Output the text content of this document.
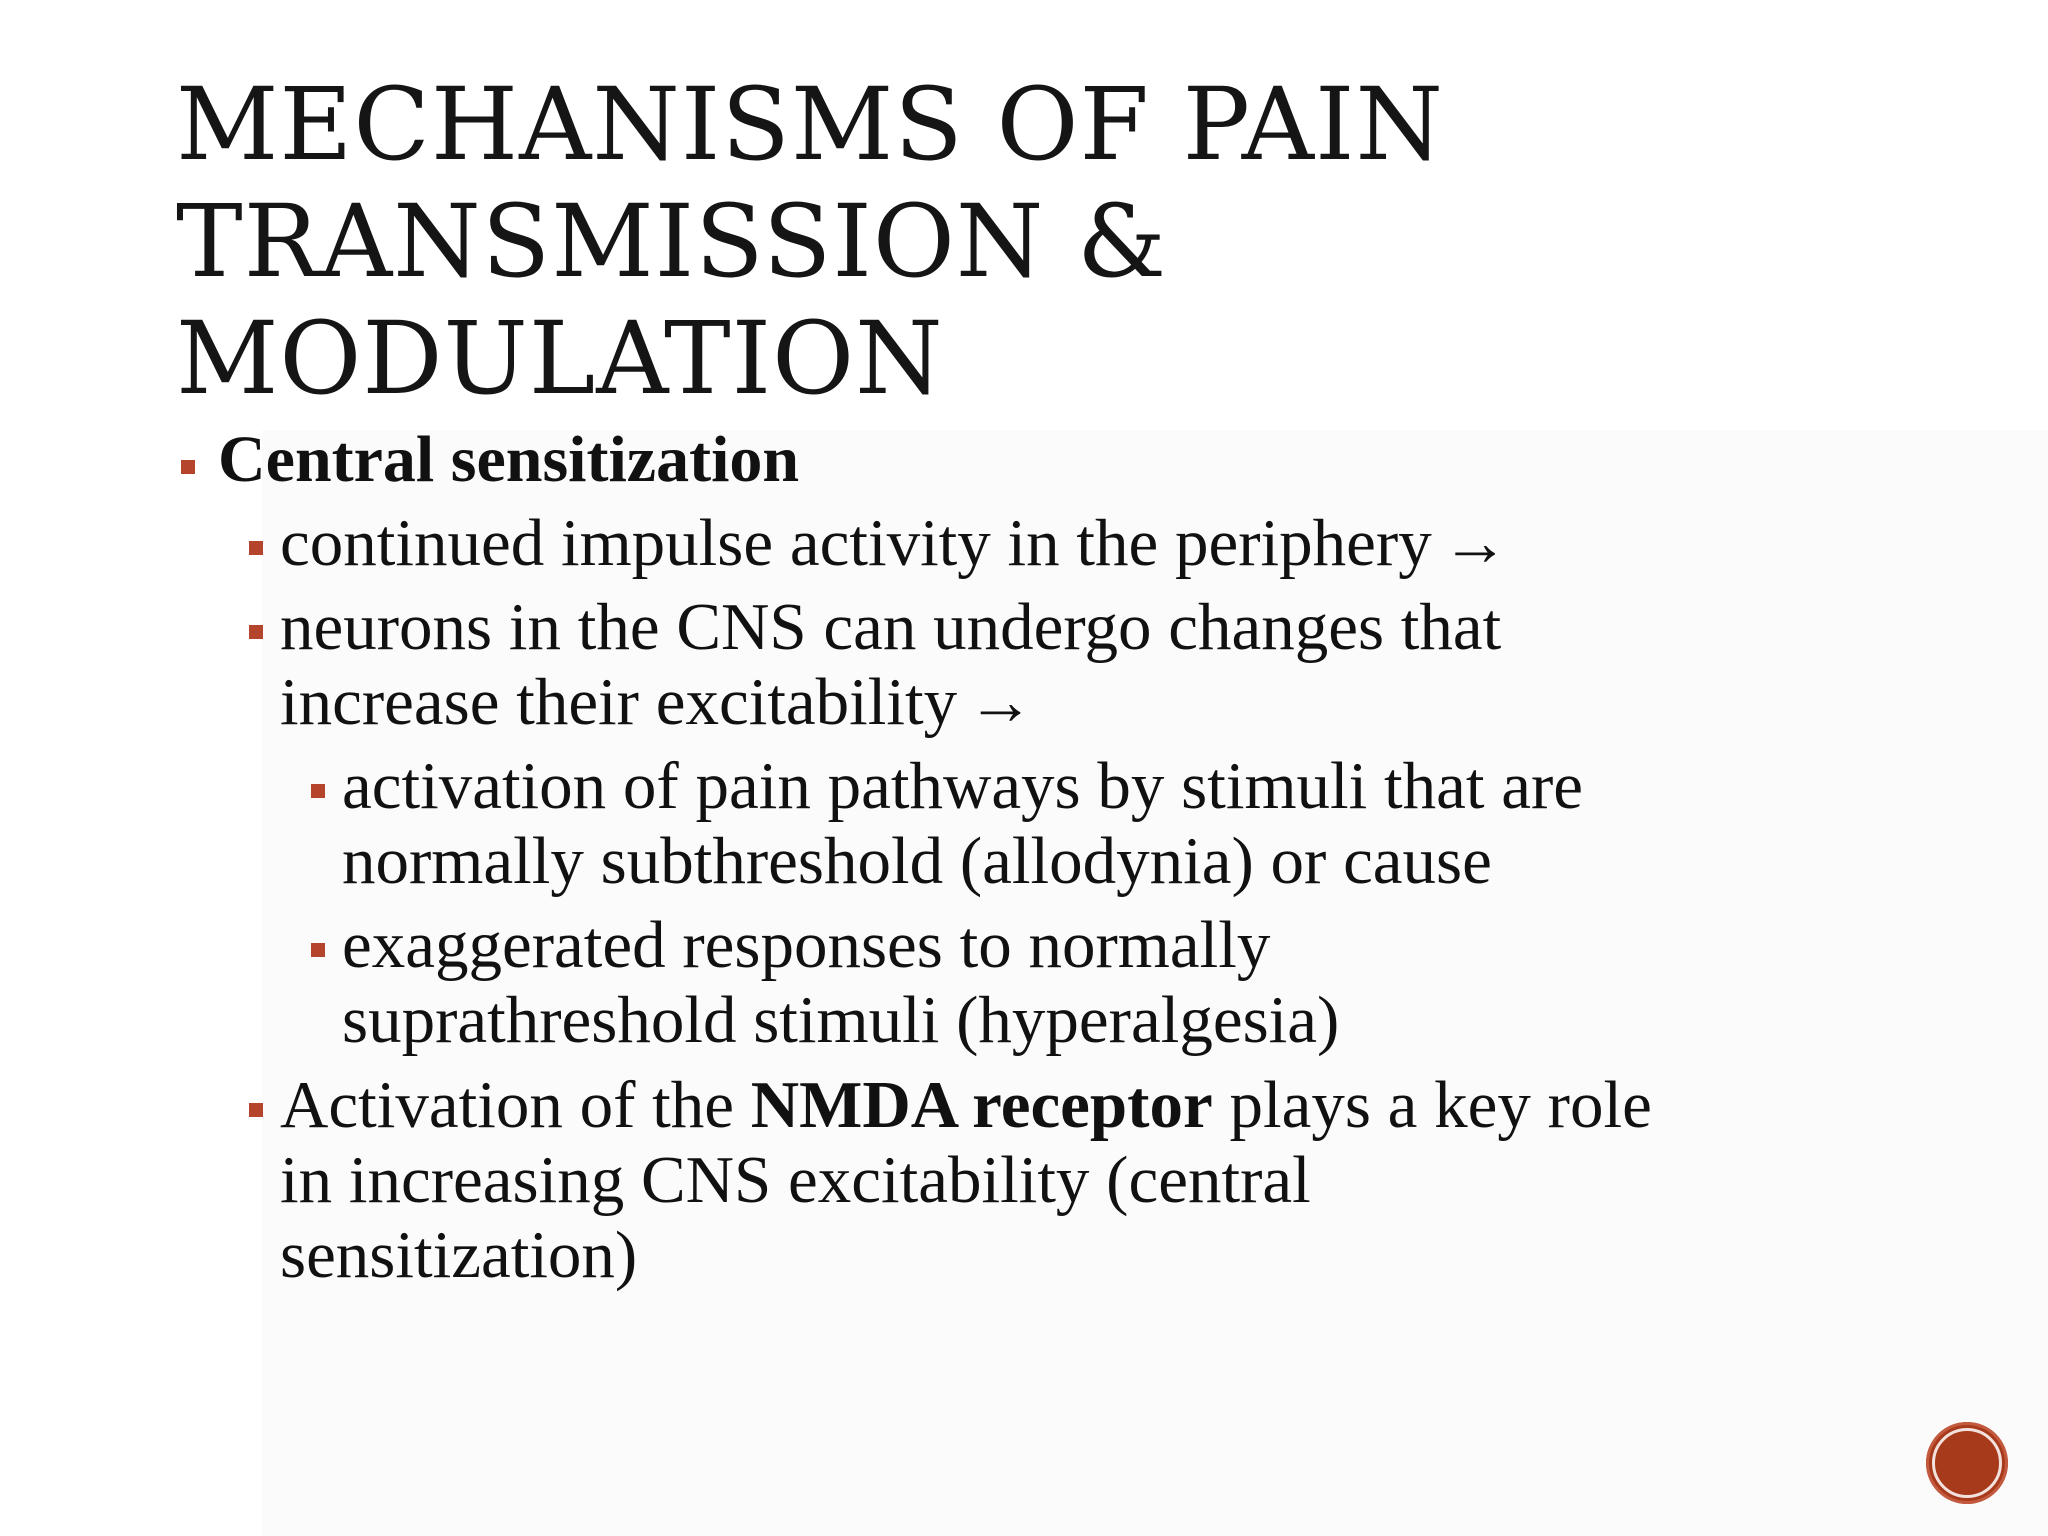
MECHANISMS OF PAIN
TRANSMISSION &
MODULATION
Central sensitization
continued impulse activity in the periphery →
neurons in the CNS can undergo changes that
increase their excitability →
activation of pain pathways by stimuli that are
normally subthreshold (allodynia) or cause
exaggerated responses to normally
suprathreshold stimuli (hyperalgesia)
Activation of the NMDA receptor plays a key role
in increasing CNS excitability (central
sensitization)
